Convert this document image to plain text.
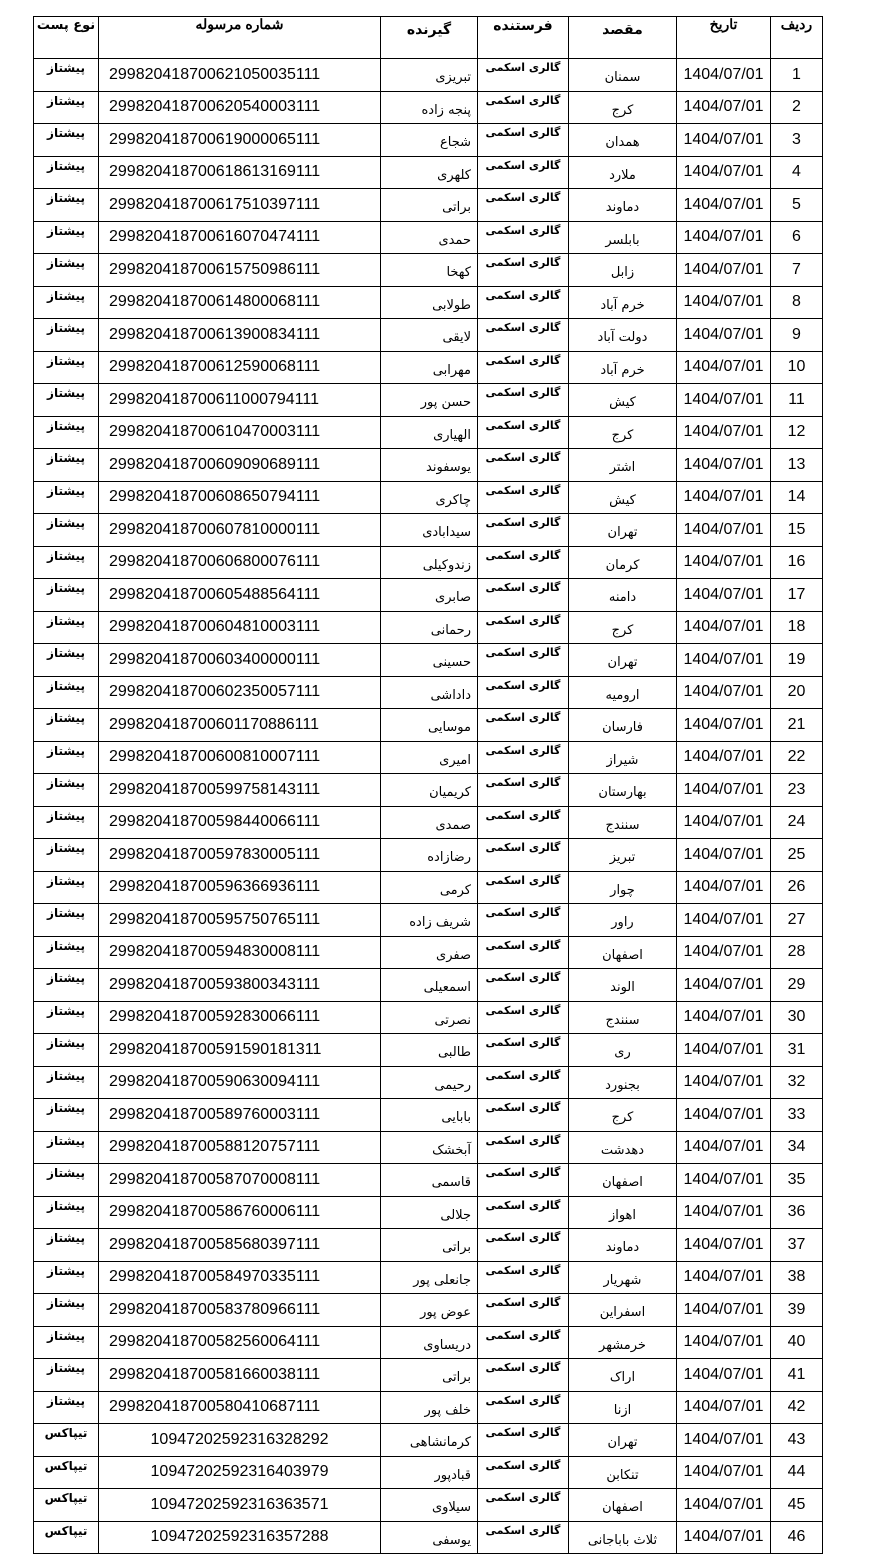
ردیف	تاریخ	مقصد	فرستنده	گیرنده	شماره مرسوله	نوع پست
1	1404/07/01	سمنان	گالری اسکمی	تبریزی	299820418700621050035111	پیشتاز
2	1404/07/01	کرج	گالری اسکمی	پنجه زاده	299820418700620540003111	پیشتاز
3	1404/07/01	همدان	گالری اسکمی	شجاع	299820418700619000065111	پیشتاز
4	1404/07/01	ملارد	گالری اسکمی	کلهری	299820418700618613169111	پیشتاز
5	1404/07/01	دماوند	گالری اسکمی	براتی	299820418700617510397111	پیشتاز
6	1404/07/01	بابلسر	گالری اسکمی	حمدی	299820418700616070474111	پیشتاز
7	1404/07/01	زابل	گالری اسکمی	کهخا	299820418700615750986111	پیشتاز
8	1404/07/01	خرم آباد	گالری اسکمی	طولابی	299820418700614800068111	پیشتاز
9	1404/07/01	دولت آباد	گالری اسکمی	لایقی	299820418700613900834111	پیشتاز
10	1404/07/01	خرم آباد	گالری اسکمی	مهرابی	299820418700612590068111	پیشتاز
11	1404/07/01	کیش	گالری اسکمی	حسن پور	299820418700611000794111	پیشتاز
12	1404/07/01	کرج	گالری اسکمی	الهیاری	299820418700610470003111	پیشتاز
13	1404/07/01	اشتر	گالری اسکمی	یوسفوند	299820418700609090689111	پیشتاز
14	1404/07/01	کیش	گالری اسکمی	چاکری	299820418700608650794111	پیشتاز
15	1404/07/01	تهران	گالری اسکمی	سیدابادی	299820418700607810000111	پیشتاز
16	1404/07/01	کرمان	گالری اسکمی	زندوکیلی	299820418700606800076111	پیشتاز
17	1404/07/01	دامنه	گالری اسکمی	صابری	299820418700605488564111	پیشتاز
18	1404/07/01	کرج	گالری اسکمی	رحمانی	299820418700604810003111	پیشتاز
19	1404/07/01	تهران	گالری اسکمی	حسینی	299820418700603400000111	پیشتاز
20	1404/07/01	ارومیه	گالری اسکمی	داداشی	299820418700602350057111	پیشتاز
21	1404/07/01	فارسان	گالری اسکمی	موسایی	299820418700601170886111	پیشتاز
22	1404/07/01	شیراز	گالری اسکمی	امیری	299820418700600810007111	پیشتاز
23	1404/07/01	بهارستان	گالری اسکمی	کریمیان	299820418700599758143111	پیشتاز
24	1404/07/01	سنندج	گالری اسکمی	صمدی	299820418700598440066111	پیشتاز
25	1404/07/01	تبریز	گالری اسکمی	رضازاده	299820418700597830005111	پیشتاز
26	1404/07/01	چوار	گالری اسکمی	کرمی	299820418700596366936111	پیشتاز
27	1404/07/01	راور	گالری اسکمی	شریف زاده	299820418700595750765111	پیشتاز
28	1404/07/01	اصفهان	گالری اسکمی	صفری	299820418700594830008111	پیشتاز
29	1404/07/01	الوند	گالری اسکمی	اسمعیلی	299820418700593800343111	پیشتاز
30	1404/07/01	سنندج	گالری اسکمی	نصرتی	299820418700592830066111	پیشتاز
31	1404/07/01	ری	گالری اسکمی	طالبی	299820418700591590181311	پیشتاز
32	1404/07/01	بجنورد	گالری اسکمی	رحیمی	299820418700590630094111	پیشتاز
33	1404/07/01	کرج	گالری اسکمی	بابایی	299820418700589760003111	پیشتاز
34	1404/07/01	دهدشت	گالری اسکمی	آبخشک	299820418700588120757111	پیشتاز
35	1404/07/01	اصفهان	گالری اسکمی	قاسمی	299820418700587070008111	پیشتاز
36	1404/07/01	اهواز	گالری اسکمی	جلالی	299820418700586760006111	پیشتاز
37	1404/07/01	دماوند	گالری اسکمی	براتی	299820418700585680397111	پیشتاز
38	1404/07/01	شهریار	گالری اسکمی	جانعلی پور	299820418700584970335111	پیشتاز
39	1404/07/01	اسفراین	گالری اسکمی	عوض پور	299820418700583780966111	پیشتاز
40	1404/07/01	خرمشهر	گالری اسکمی	دریساوی	299820418700582560064111	پیشتاز
41	1404/07/01	اراک	گالری اسکمی	براتی	299820418700581660038111	پیشتاز
42	1404/07/01	ازنا	گالری اسکمی	خلف پور	299820418700580410687111	پیشتاز
43	1404/07/01	تهران	گالری اسکمی	کرمانشاهی	10947202592316328292	تیپاکس
44	1404/07/01	تنکابن	گالری اسکمی	قبادپور	10947202592316403979	تیپاکس
45	1404/07/01	اصفهان	گالری اسکمی	سیلاوی	10947202592316363571	تیپاکس
46	1404/07/01	ثلاث باباجانی	گالری اسکمی	یوسفی	10947202592316357288	تیپاکس
